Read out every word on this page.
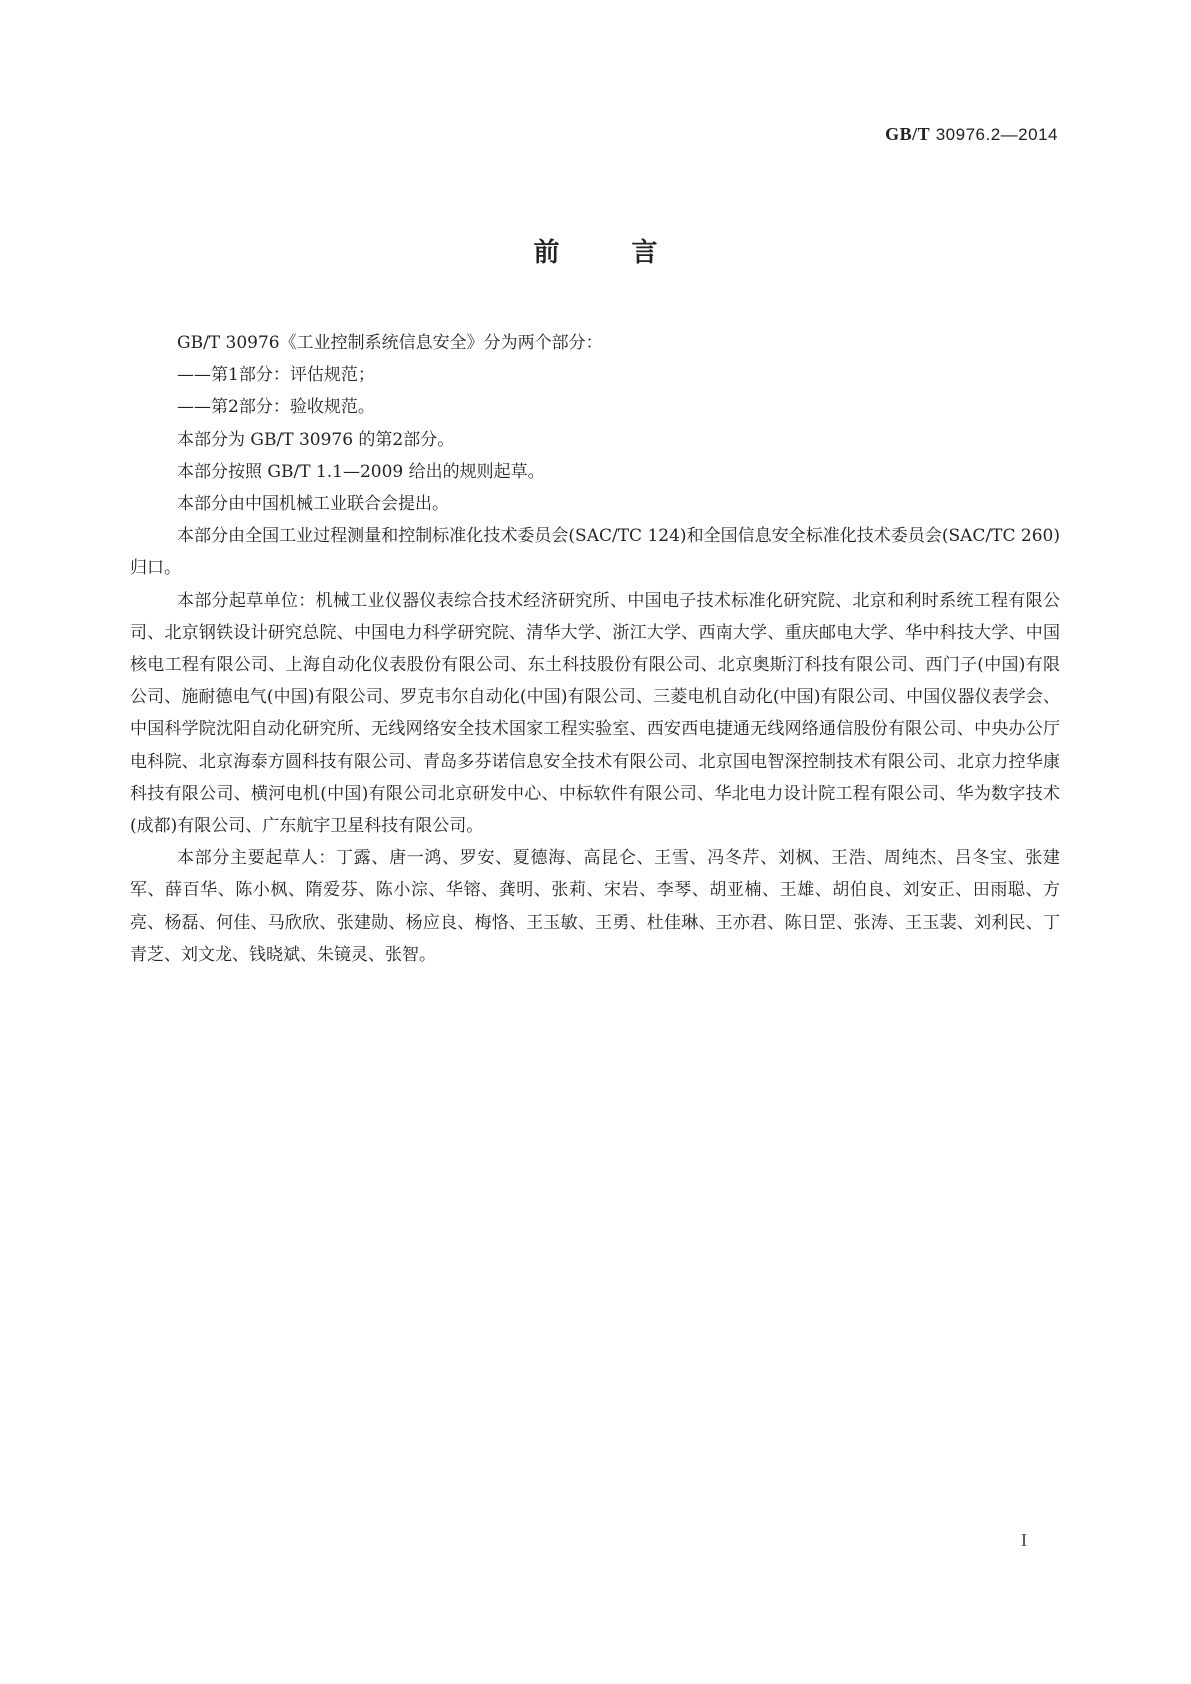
GB/T 30976.2—2014
前	言

GB/T 30976《工业控制系统信息安全》分为两个部分：

——第1部分：评估规范；

——第2部分：验收规范。

本部分为 GB/T 30976 的第2部分。

本部分按照 GB/T 1.1—2009 给出的规则起草。

本部分由中国机械工业联合会提出。

本部分由全国工业过程测量和控制标准化技术委员会(SAC/TC 124)和全国信息安全标准化技术委员会(SAC/TC 260)归口。

本部分起草单位：机械工业仪器仪表综合技术经济研究所、中国电子技术标准化研究院、北京和利时系统工程有限公司、北京钢铁设计研究总院、中国电力科学研究院、清华大学、浙江大学、西南大学、重庆邮电大学、华中科技大学、中国核电工程有限公司、上海自动化仪表股份有限公司、东土科技股份有限公司、北京奥斯汀科技有限公司、西门子(中国)有限公司、施耐德电气(中国)有限公司、罗克韦尔自动化(中国)有限公司、三菱电机自动化(中国)有限公司、中国仪器仪表学会、中国科学院沈阳自动化研究所、无线网络安全技术国家工程实验室、西安西电捷通无线网络通信股份有限公司、中央办公厅电科院、北京海泰方圆科技有限公司、青岛多芬诺信息安全技术有限公司、北京国电智深控制技术有限公司、北京力控华康科技有限公司、横河电机(中国)有限公司北京研发中心、中标软件有限公司、华北电力设计院工程有限公司、华为数字技术(成都)有限公司、广东航宇卫星科技有限公司。

本部分主要起草人：丁露、唐一鸿、罗安、夏德海、高昆仑、王雪、冯冬芹、刘枫、王浩、周纯杰、吕冬宝、张建军、薛百华、陈小枫、隋爱芬、陈小淙、华镕、龚明、张莉、宋岩、李琴、胡亚楠、王雄、胡伯良、刘安正、田雨聪、方亮、杨磊、何佳、马欣欣、张建勋、杨应良、梅恪、王玉敏、王勇、杜佳琳、王亦君、陈日罡、张涛、王玉裴、刘利民、丁青芝、刘文龙、钱晓斌、朱镜灵、张智。

I
